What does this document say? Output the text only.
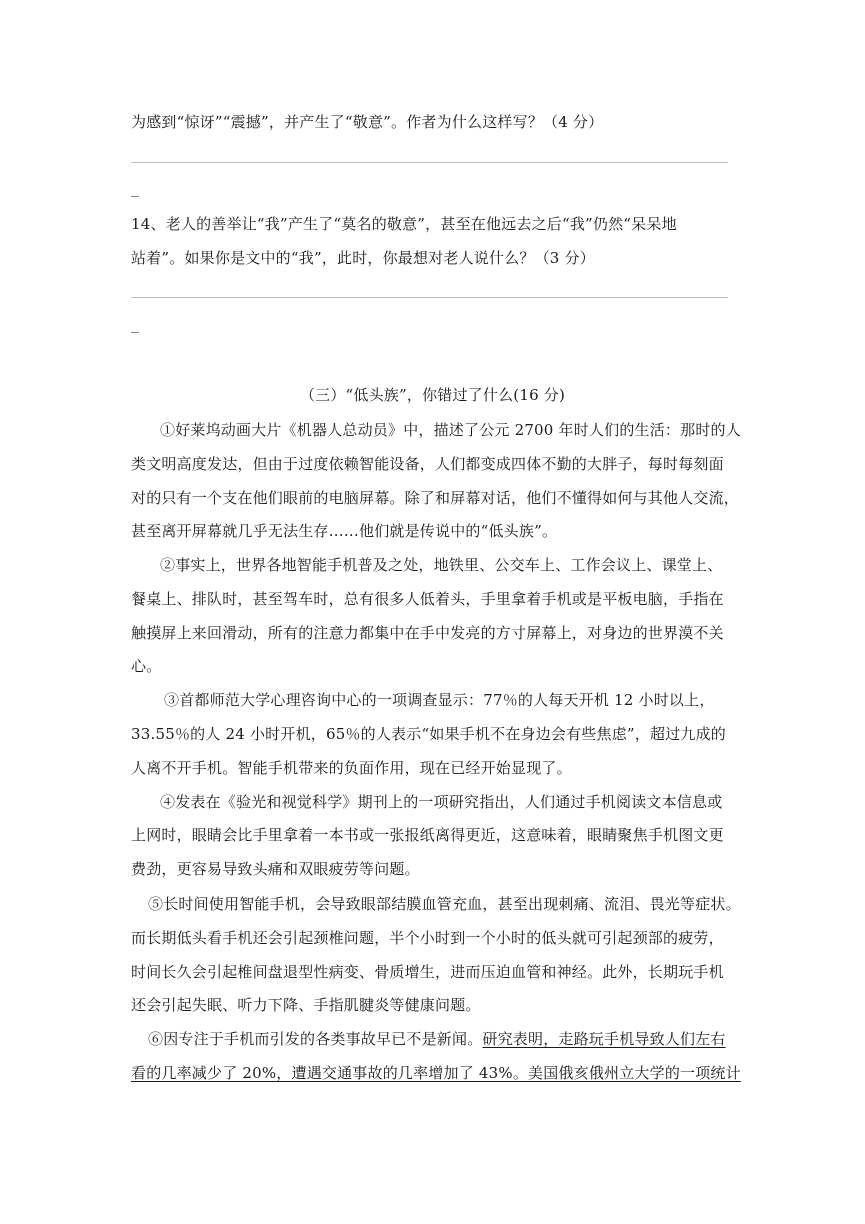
为感到“惊讶”“震撼”，并产生了“敬意”。作者为什么这样写？（4 分）
14、老人的善举让“我”产生了“莫名的敬意”，甚至在他远去之后“我”仍然“呆呆地
站着”。如果你是文中的“我”，此时，你最想对老人说什么？（3 分）
（三）“低头族”，你错过了什么(16 分)
①好莱坞动画大片《机器人总动员》中，描述了公元 2700 年时人们的生活：那时的人
类文明高度发达，但由于过度依赖智能设备，人们都变成四体不勤的大胖子，每时每刻面
对的只有一个支在他们眼前的电脑屏幕。除了和屏幕对话，他们不懂得如何与其他人交流，
甚至离开屏幕就几乎无法生存……他们就是传说中的“低头族”。
②事实上，世界各地智能手机普及之处，地铁里、公交车上、工作会议上、课堂上、
餐桌上、排队时，甚至驾车时，总有很多人低着头，手里拿着手机或是平板电脑，手指在
触摸屏上来回滑动，所有的注意力都集中在手中发亮的方寸屏幕上，对身边的世界漠不关
心。
③首都师范大学心理咨询中心的一项调查显示：77％的人每天开机 12 小时以上，
33.55％的人 24 小时开机，65％的人表示“如果手机不在身边会有些焦虑”，超过九成的
人离不开手机。智能手机带来的负面作用，现在已经开始显现了。
④发表在《验光和视觉科学》期刊上的一项研究指出，人们通过手机阅读文本信息或
上网时，眼睛会比手里拿着一本书或一张报纸离得更近，这意味着，眼睛聚焦手机图文更
费劲，更容易导致头痛和双眼疲劳等问题。
⑤长时间使用智能手机，会导致眼部结膜血管充血，甚至出现刺痛、流泪、畏光等症状。
而长期低头看手机还会引起颈椎问题，半个小时到一个小时的低头就可引起颈部的疲劳，
时间长久会引起椎间盘退型性病变、骨质增生，进而压迫血管和神经。此外，长期玩手机
还会引起失眠、听力下降、手指肌腱炎等健康问题。
⑥因专注于手机而引发的各类事故早已不是新闻。研究表明，走路玩手机导致人们左右
看的几率减少了 20%，遭遇交通事故的几率增加了 43%。美国俄亥俄州立大学的一项统计
